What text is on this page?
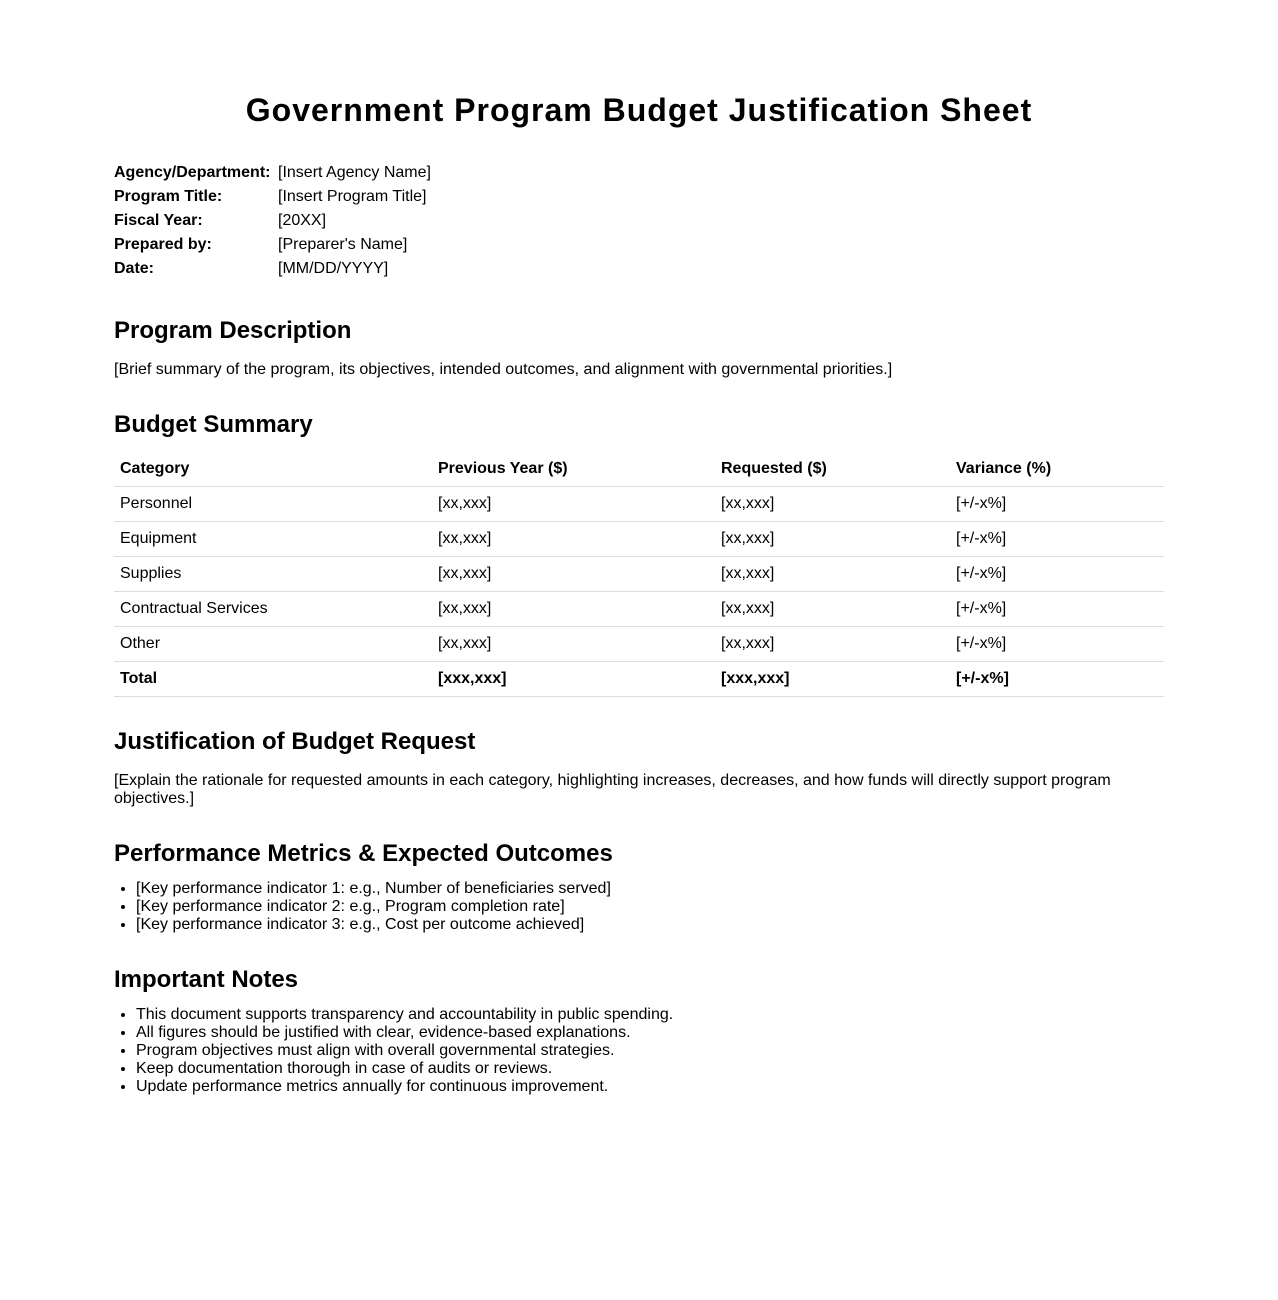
Government Program Budget Justification Sheet
Agency/Department: [Insert Agency Name]
Program Title:	[Insert Program Title]
Fiscal Year:	[20XX]
Prepared by:	[Preparer's Name]
Date:	[MM/DD/YYYY]
Program Description
[Brief summary of the program, its objectives, intended outcomes, and alignment with governmental priorities.]
Budget Summary
Category	Previous Year ($)	Requested ($)	Variance (%)
Personnel	[xx,xxx]	[xx,xxx]	[+/-x%]
Equipment	[xx,xxx]	[xx,xxx]	[+/-x%]
Supplies	[xx,xxx]	[xx,xxx]	[+/-x%]
Contractual Services	[xx,xxx]	[xx,xxx]	[+/-x%]
Other	[xx,xxx]	[xx,xxx]	[+/-x%]
Total	[xxx,xxx]	[xxx,xxx]	[+/-x%]
Justification of Budget Request
[Explain the rationale for requested amounts in each category, highlighting increases, decreases, and how funds will directly support program objectives.]
Performance Metrics & Expected Outcomes
• [Key performance indicator 1: e.g., Number of beneficiaries served]
• [Key performance indicator 2: e.g., Program completion rate]
• [Key performance indicator 3: e.g., Cost per outcome achieved]
Important Notes
• This document supports transparency and accountability in public spending.
• All figures should be justified with clear, evidence-based explanations.
• Program objectives must align with overall governmental strategies.
• Keep documentation thorough in case of audits or reviews.
• Update performance metrics annually for continuous improvement.
